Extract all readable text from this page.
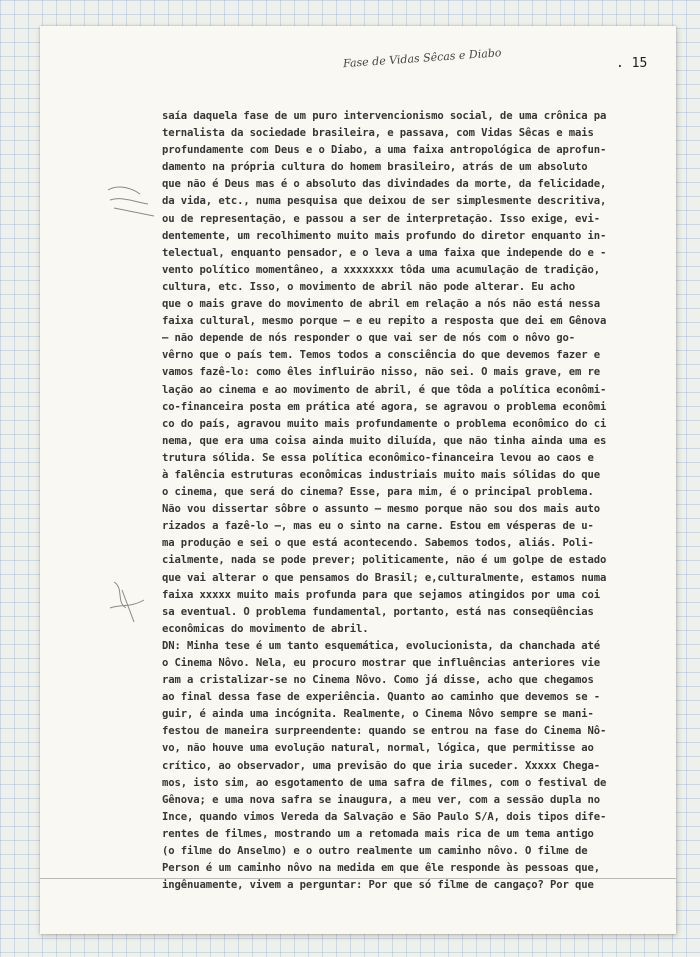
Fase de Vidas Sêcas e Diabo	. 15
saía daquela fase de um puro intervencionismo social, de uma crônica pa
ternalista da sociedade brasileira, e passava, com Vidas Sêcas e mais
profundamente com Deus e o Diabo, a uma faixa antropológica de aprofun-
damento na própria cultura do homem brasileiro, atrás de um absoluto
que não é Deus mas é o absoluto das divindades da morte, da felicidade,
da vida, etc., numa pesquisa que deixou de ser simplesmente descritiva,
ou de representação, e passou a ser de interpretação. Isso exige, evi-
dentemente, um recolhimento muito mais profundo do diretor enquanto in-
telectual, enquanto pensador, e o leva a uma faixa que independe do e -
vento político momentâneo, a xxxxxxxx tôda uma acumulação de tradição,
cultura, etc. Isso, o movimento de abril não pode alterar. Eu acho
que o mais grave do movimento de abril em relação a nós não está nessa
faixa cultural, mesmo porque — e eu repito a resposta que dei em Gênova
— não depende de nós responder o que vai ser de nós com o nôvo go-
vêrno que o país tem. Temos todos a consciência do que devemos fazer e
vamos fazê-lo: como êles influirão nisso, não sei. O mais grave, em re
lação ao cinema e ao movimento de abril, é que tôda a política econômi-
co-financeira posta em prática até agora, se agravou o problema econômi
co do país, agravou muito mais profundamente o problema econômico do ci
nema, que era uma coisa ainda muito diluída, que não tinha ainda uma es
trutura sólida. Se essa política econômico-financeira levou ao caos e
à falência estruturas econômicas industriais muito mais sólidas do que
o cinema, que será do cinema? Esse, para mim, é o principal problema.
Não vou dissertar sôbre o assunto — mesmo porque não sou dos mais auto
rizados a fazê-lo —, mas eu o sinto na carne. Estou em vésperas de u-
ma produção e sei o que está acontecendo. Sabemos todos, aliás. Poli-
cialmente, nada se pode prever; politicamente, não é um golpe de estado
que vai alterar o que pensamos do Brasil; e,culturalmente, estamos numa
faixa xxxxx muito mais profunda para que sejamos atingidos por uma coi
sa eventual. O problema fundamental, portanto, está nas conseqüências
econômicas do movimento de abril.
DN: Minha tese é um tanto esquemática, evolucionista, da chanchada até
o Cinema Nôvo. Nela, eu procuro mostrar que influências anteriores vie
ram a cristalizar-se no Cinema Nôvo. Como já disse, acho que chegamos
ao final dessa fase de experiência. Quanto ao caminho que devemos se -
guir, é ainda uma incógnita. Realmente, o Cinema Nôvo sempre se mani-
festou de maneira surpreendente: quando se entrou na fase do Cinema Nô-
vo, não houve uma evolução natural, normal, lógica, que permitisse ao
crítico, ao observador, uma previsão do que iria suceder. Xxxxx Chega-
mos, isto sim, ao esgotamento de uma safra de filmes, com o festival de
Gênova; e uma nova safra se inaugura, a meu ver, com a sessão dupla no
Ince, quando vimos Vereda da Salvação e São Paulo S/A, dois tipos dife-
rentes de filmes, mostrando um a retomada mais rica de um tema antigo
(o filme do Anselmo) e o outro realmente um caminho nôvo. O filme de
Person é um caminho nôvo na medida em que êle responde às pessoas que,
ingênuamente, vivem a perguntar: Por que só filme de cangaço? Por que
